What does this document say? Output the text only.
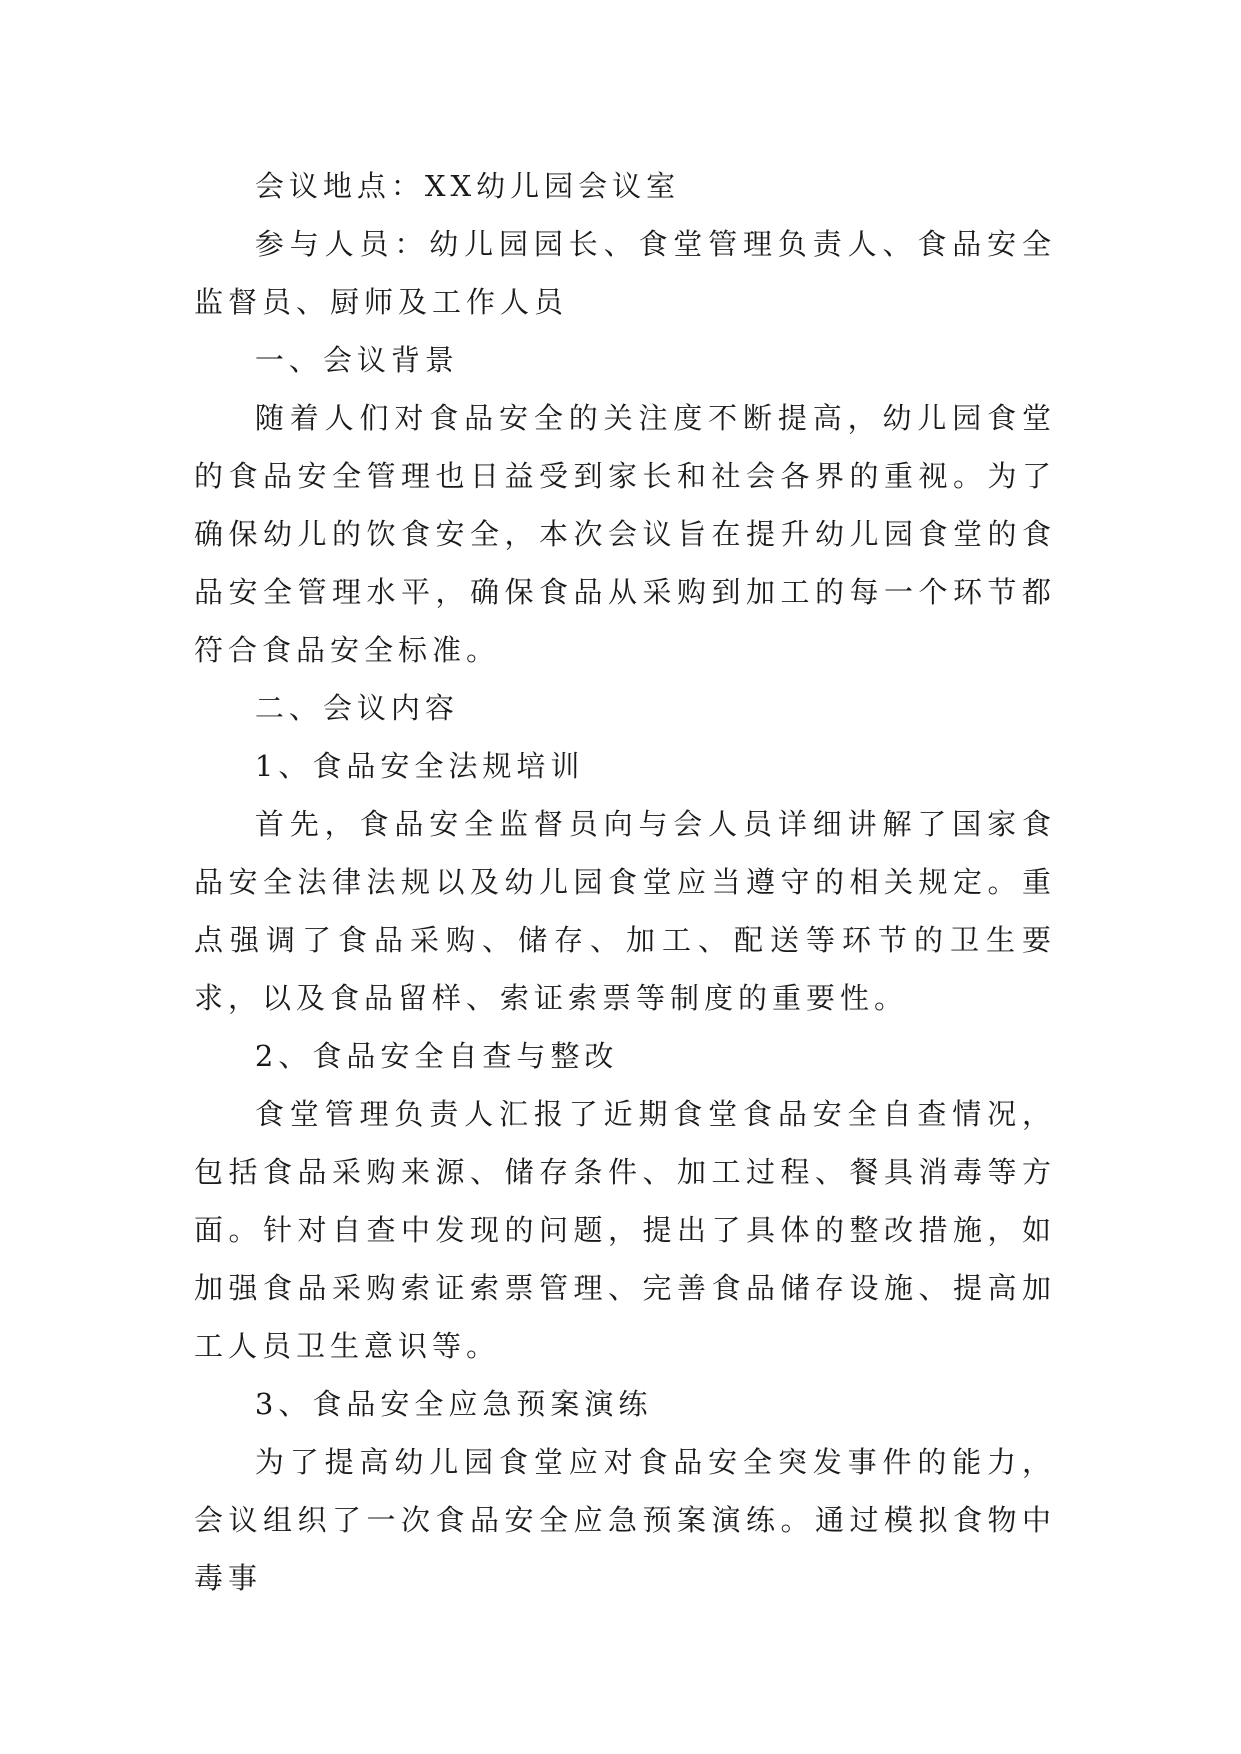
会议地点：XX幼儿园会议室

参与人员：幼儿园园长、食堂管理负责人、食品安全监督员、厨师及工作人员

一、会议背景

随着人们对食品安全的关注度不断提高，幼儿园食堂的食品安全管理也日益受到家长和社会各界的重视。为了确保幼儿的饮食安全，本次会议旨在提升幼儿园食堂的食品安全管理水平，确保食品从采购到加工的每一个环节都符合食品安全标准。

二、会议内容

1、食品安全法规培训

首先，食品安全监督员向与会人员详细讲解了国家食品安全法律法规以及幼儿园食堂应当遵守的相关规定。重点强调了食品采购、储存、加工、配送等环节的卫生要求，以及食品留样、索证索票等制度的重要性。

2、食品安全自查与整改

食堂管理负责人汇报了近期食堂食品安全自查情况，包括食品采购来源、储存条件、加工过程、餐具消毒等方面。针对自查中发现的问题，提出了具体的整改措施，如加强食品采购索证索票管理、完善食品储存设施、提高加工人员卫生意识等。

3、食品安全应急预案演练

为了提高幼儿园食堂应对食品安全突发事件的能力，会议组织了一次食品安全应急预案演练。通过模拟食物中毒事
